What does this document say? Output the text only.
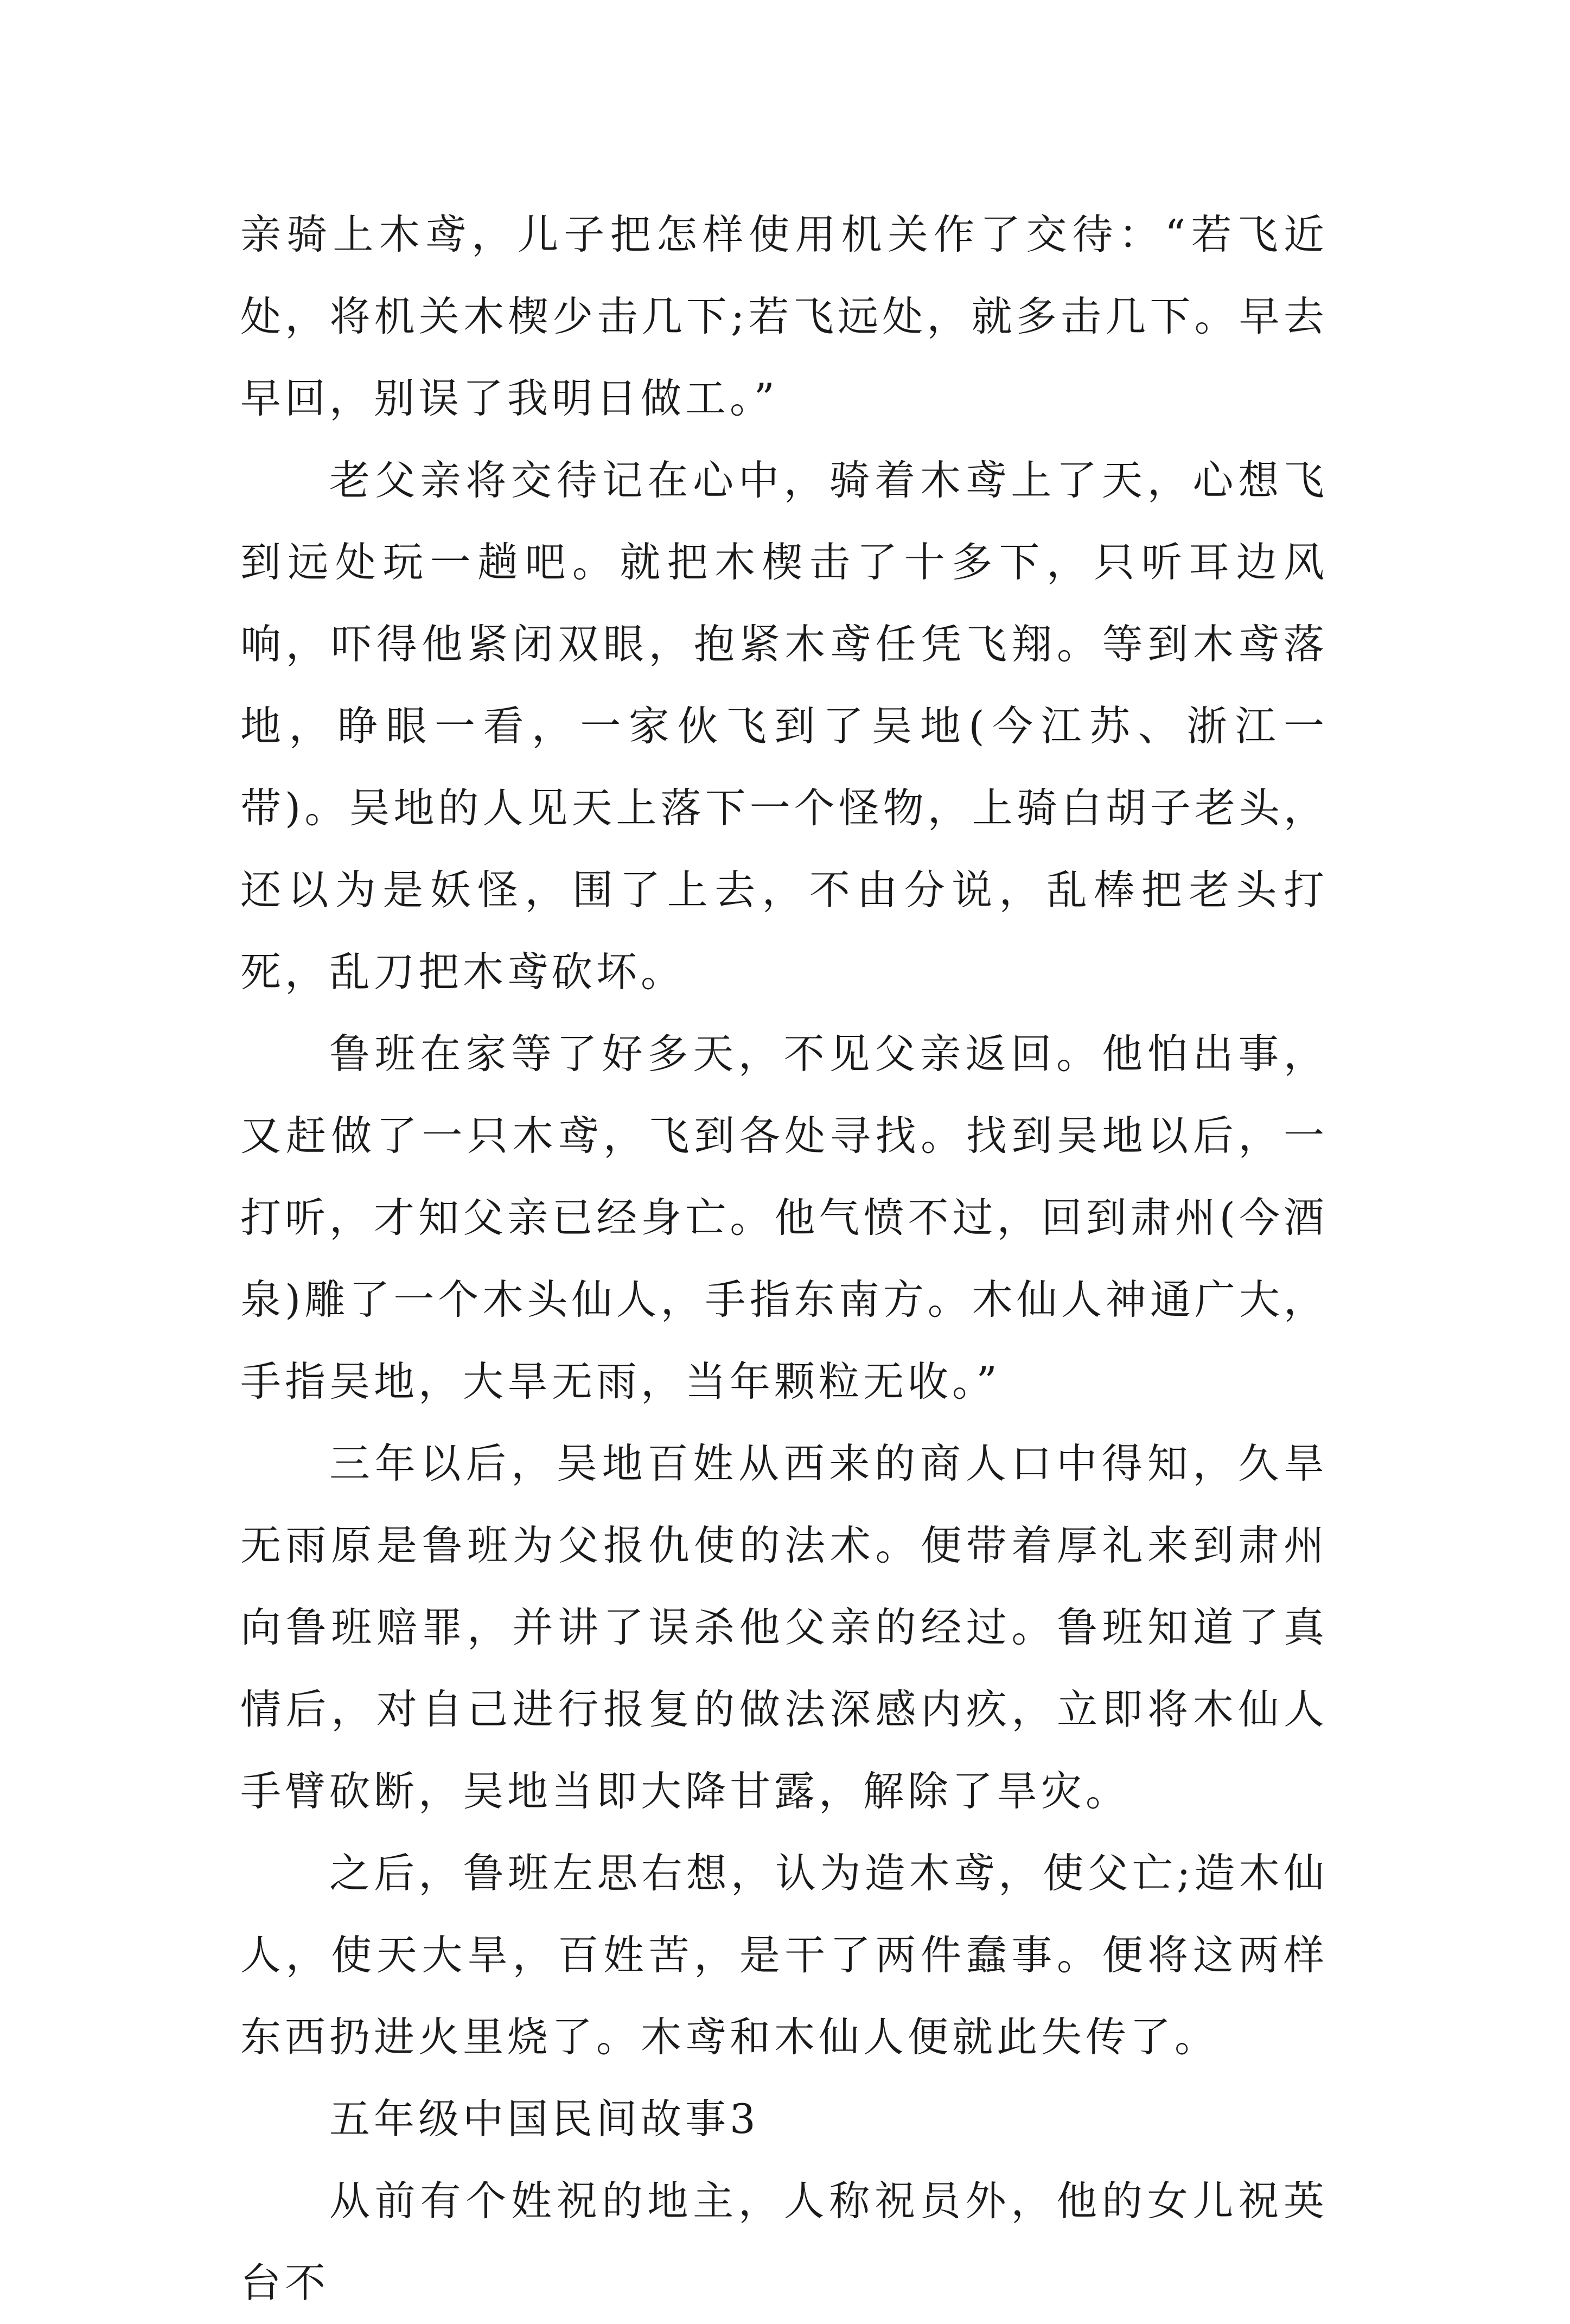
亲骑上木鸢，儿子把怎样使用机关作了交待：“若飞近处，将机关木楔少击几下;若飞远处，就多击几下。早去早回，别误了我明日做工。”

老父亲将交待记在心中，骑着木鸢上了天，心想飞到远处玩一趟吧。就把木楔击了十多下，只听耳边风响，吓得他紧闭双眼，抱紧木鸢任凭飞翔。等到木鸢落地，睁眼一看，一家伙飞到了吴地(今江苏、浙江一带)。吴地的人见天上落下一个怪物，上骑白胡子老头，还以为是妖怪，围了上去，不由分说，乱棒把老头打死，乱刀把木鸢砍坏。

鲁班在家等了好多天，不见父亲返回。他怕出事，又赶做了一只木鸢，飞到各处寻找。找到吴地以后，一打听，才知父亲已经身亡。他气愤不过，回到肃州(今酒泉)雕了一个木头仙人，手指东南方。木仙人神通广大，手指吴地，大旱无雨，当年颗粒无收。”

三年以后，吴地百姓从西来的商人口中得知，久旱无雨原是鲁班为父报仇使的法术。便带着厚礼来到肃州向鲁班赔罪，并讲了误杀他父亲的经过。鲁班知道了真情后，对自己进行报复的做法深感内疚，立即将木仙人手臂砍断，吴地当即大降甘露，解除了旱灾。

之后，鲁班左思右想，认为造木鸢，使父亡;造木仙人，使天大旱，百姓苦，是干了两件蠢事。便将这两样东西扔进火里烧了。木鸢和木仙人便就此失传了。

五年级中国民间故事3

从前有个姓祝的地主，人称祝员外，他的女儿祝英台不
